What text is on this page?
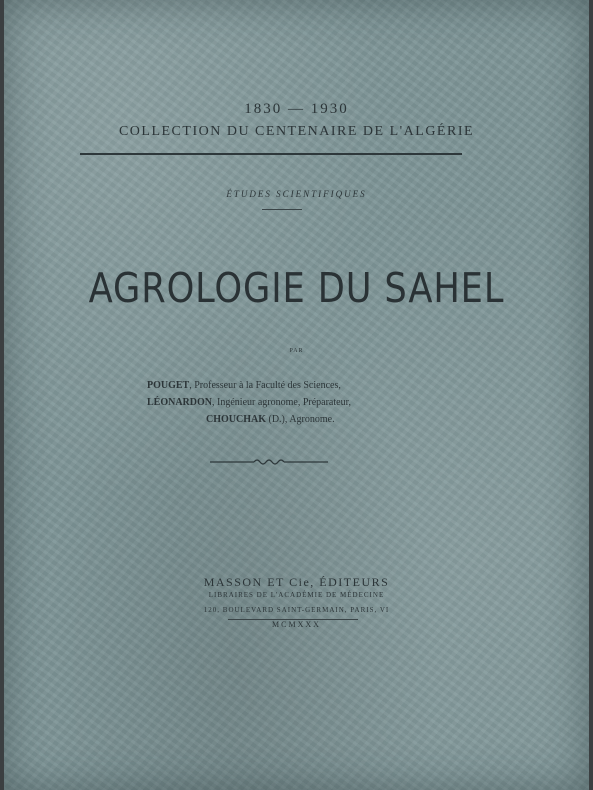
1830 — 1930
COLLECTION DU CENTENAIRE DE L'ALGÉRIE
ÉTUDES SCIENTIFIQUES
AGROLOGIE DU SAHEL
PAR
POUGET, Professeur à la Faculté des Sciences,
LÉONARDON, Ingénieur agronome, Préparateur,
CHOUCHAK (D.), Agronome.
MASSON ET Cie, ÉDITEURS
LIBRAIRES DE L'ACADÉMIE DE MÉDECINE
120, BOULEVARD SAINT-GERMAIN, PARIS, VI
MCMXXX
